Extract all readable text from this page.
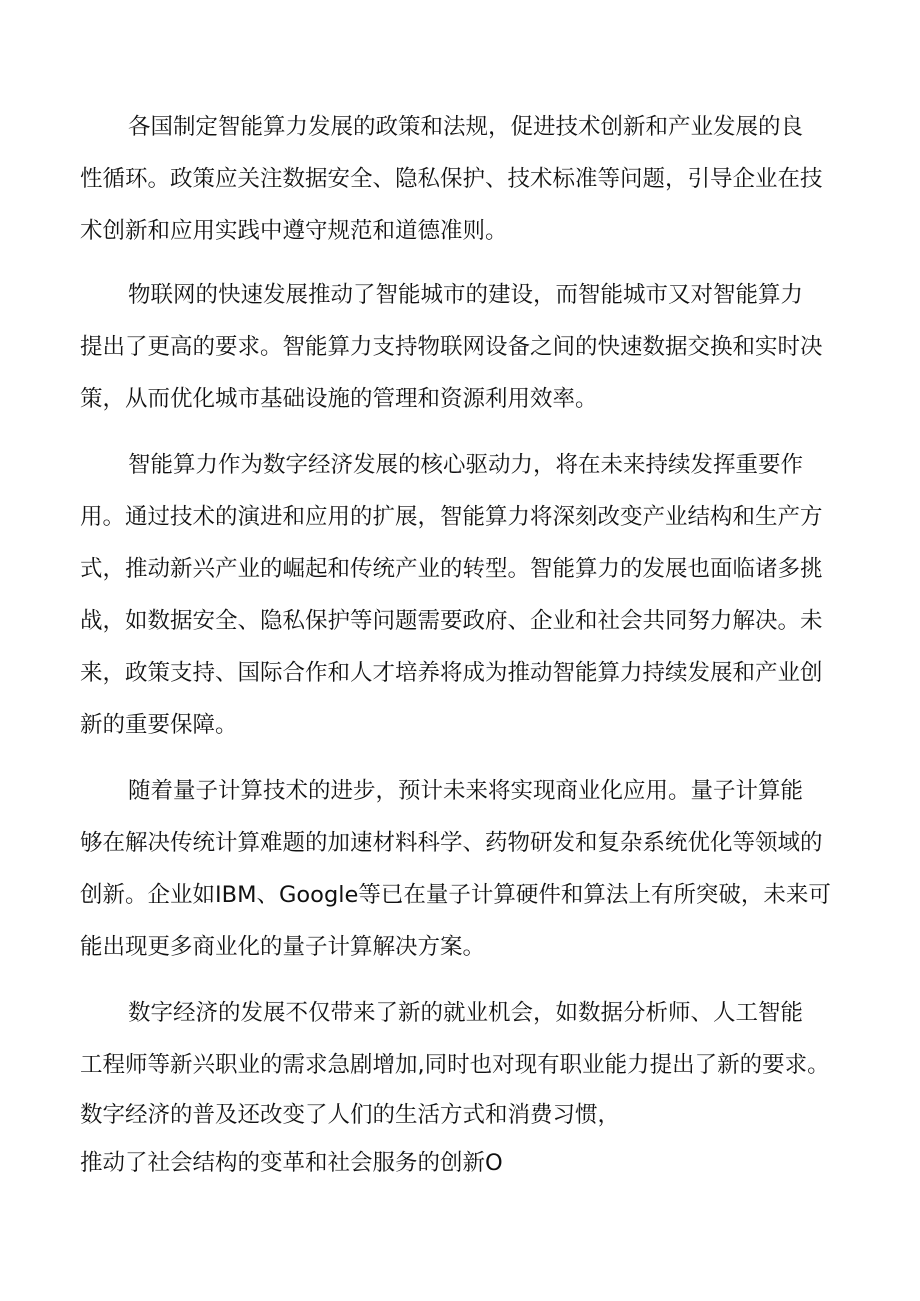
各国制定智能算力发展的政策和法规，促进技术创新和产业发展的良
性循环。政策应关注数据安全、隐私保护、技术标准等问题，引导企业在技
术创新和应用实践中遵守规范和道德准则。
物联网的快速发展推动了智能城市的建设，而智能城市又对智能算力
提出了更高的要求。智能算力支持物联网设备之间的快速数据交换和实时决
策，从而优化城市基础设施的管理和资源利用效率。
智能算力作为数字经济发展的核心驱动力，将在未来持续发挥重要作
用。通过技术的演进和应用的扩展，智能算力将深刻改变产业结构和生产方
式，推动新兴产业的崛起和传统产业的转型。智能算力的发展也面临诸多挑
战，如数据安全、隐私保护等问题需要政府、企业和社会共同努力解决。未
来，政策支持、国际合作和人才培养将成为推动智能算力持续发展和产业创
新的重要保障。
随着量子计算技术的进步，预计未来将实现商业化应用。量子计算能
够在解决传统计算难题的加速材料科学、药物研发和复杂系统优化等领域的
创新。企业如IBM、Google等已在量子计算硬件和算法上有所突破，未来可
能出现更多商业化的量子计算解决方案。
数字经济的发展不仅带来了新的就业机会，如数据分析师、人工智能
工程师等新兴职业的需求急剧增加,同时也对现有职业能力提出了新的要求。
数字经济的普及还改变了人们的生活方式和消费习惯，
推动了社会结构的变革和社会服务的创新O
